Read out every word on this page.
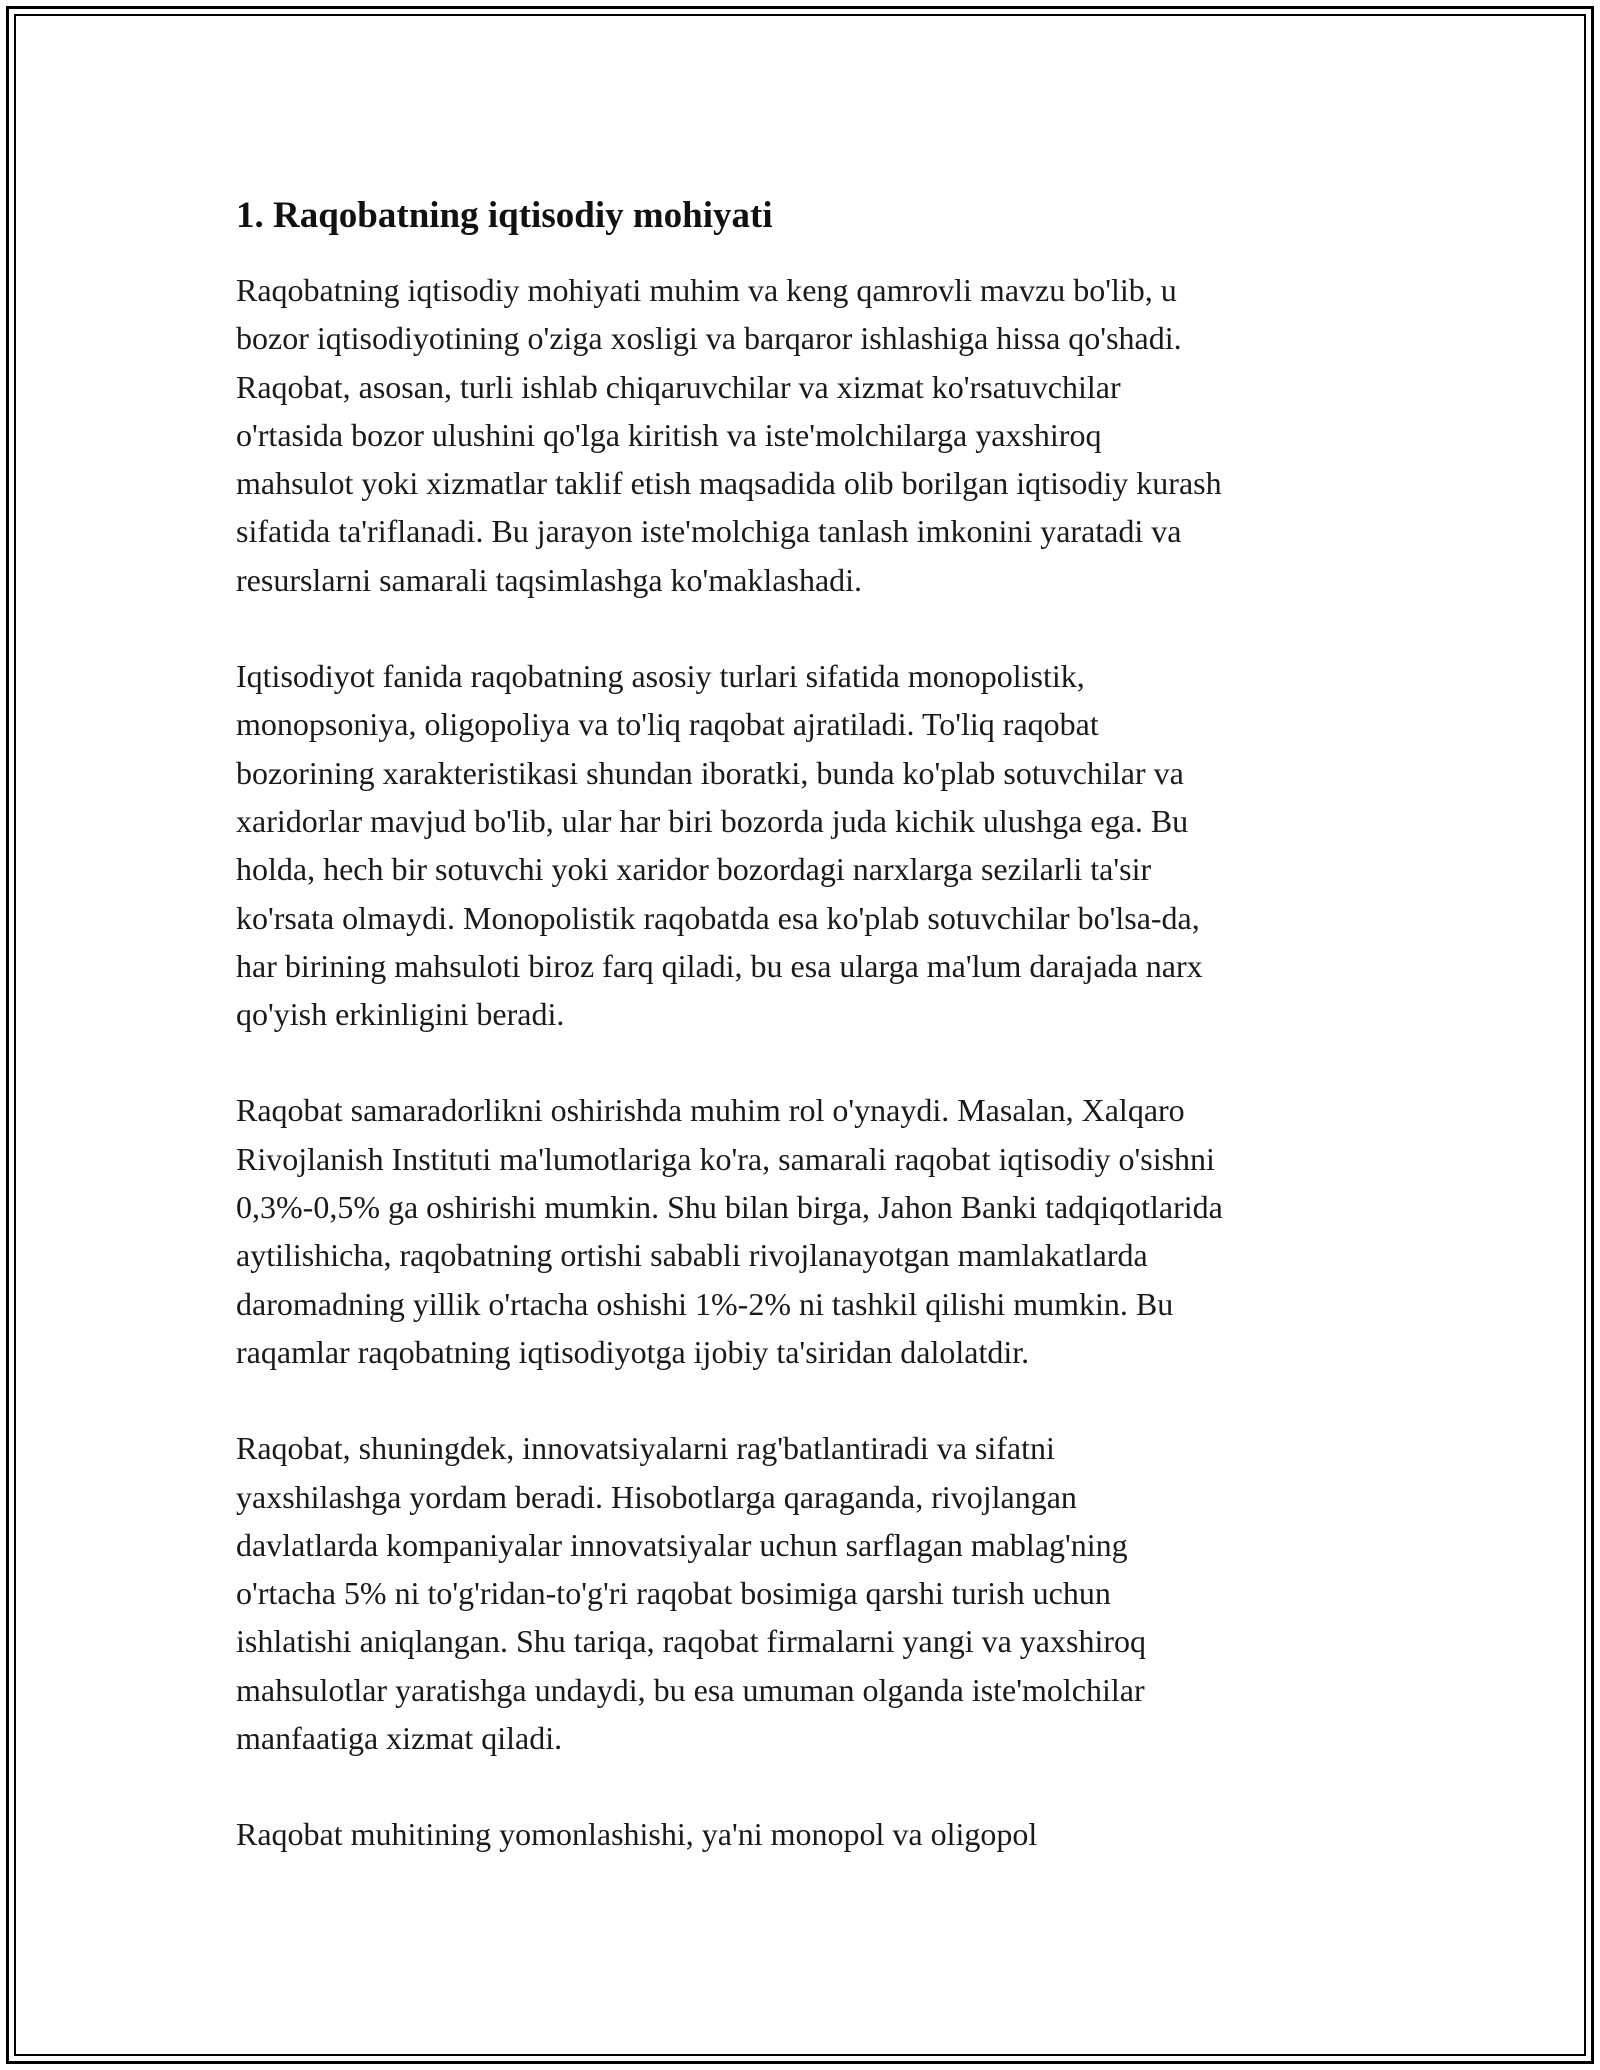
1. Raqobatning iqtisodiy mohiyati

Raqobatning iqtisodiy mohiyati muhim va keng qamrovli mavzu bo'lib, u
bozor iqtisodiyotining o'ziga xosligi va barqaror ishlashiga hissa qo'shadi.
Raqobat, asosan, turli ishlab chiqaruvchilar va xizmat ko'rsatuvchilar
o'rtasida bozor ulushini qo'lga kiritish va iste'molchilarga yaxshiroq
mahsulot yoki xizmatlar taklif etish maqsadida olib borilgan iqtisodiy kurash
sifatida ta'riflanadi. Bu jarayon iste'molchiga tanlash imkonini yaratadi va
resurslarni samarali taqsimlashga ko'maklashadi.

Iqtisodiyot fanida raqobatning asosiy turlari sifatida monopolistik,
monopsoniya, oligopoliya va to'liq raqobat ajratiladi. To'liq raqobat
bozorining xarakteristikasi shundan iboratki, bunda ko'plab sotuvchilar va
xaridorlar mavjud bo'lib, ular har biri bozorda juda kichik ulushga ega. Bu
holda, hech bir sotuvchi yoki xaridor bozordagi narxlarga sezilarli ta'sir
ko'rsata olmaydi. Monopolistik raqobatda esa ko'plab sotuvchilar bo'lsa-da,
har birining mahsuloti biroz farq qiladi, bu esa ularga ma'lum darajada narx
qo'yish erkinligini beradi.

Raqobat samaradorlikni oshirishda muhim rol o'ynaydi. Masalan, Xalqaro
Rivojlanish Instituti ma'lumotlariga ko'ra, samarali raqobat iqtisodiy o'sishni
0,3%-0,5% ga oshirishi mumkin. Shu bilan birga, Jahon Banki tadqiqotlarida
aytilishicha, raqobatning ortishi sababli rivojlanayotgan mamlakatlarda
daromadning yillik o'rtacha oshishi 1%-2% ni tashkil qilishi mumkin. Bu
raqamlar raqobatning iqtisodiyotga ijobiy ta'siridan dalolatdir.

Raqobat, shuningdek, innovatsiyalarni rag'batlantiradi va sifatni
yaxshilashga yordam beradi. Hisobotlarga qaraganda, rivojlangan
davlatlarda kompaniyalar innovatsiyalar uchun sarflagan mablag'ning
o'rtacha 5% ni to'g'ridan-to'g'ri raqobat bosimiga qarshi turish uchun
ishlatishi aniqlangan. Shu tariqa, raqobat firmalarni yangi va yaxshiroq
mahsulotlar yaratishga undaydi, bu esa umuman olganda iste'molchilar
manfaatiga xizmat qiladi.

Raqobat muhitining yomonlashishi, ya'ni monopol va oligopol
